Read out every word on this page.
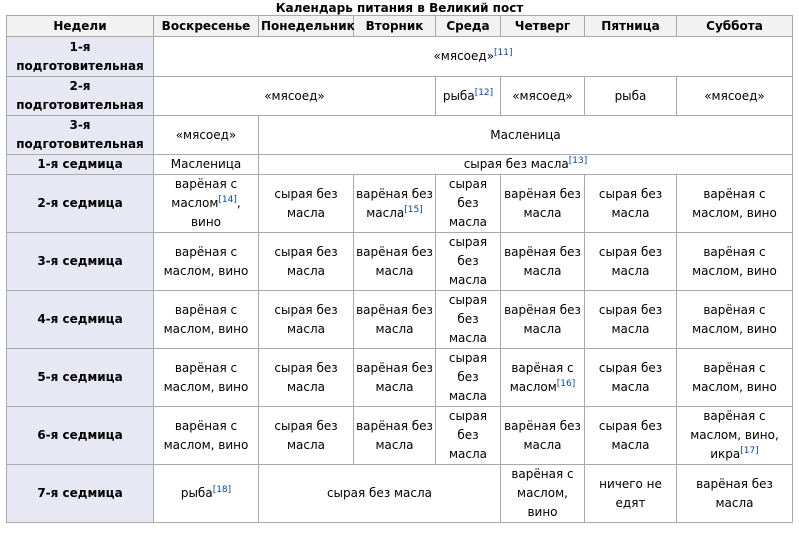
Календарь питания в Великий пост
Недели	Воскресенье	Понедельник	Вторник	Среда	Четверг	Пятница	Суббота
1-я подготовительная	«мясоед»[11]
2-я подготовительная	«мясоед»			рыба[12]	«мясоед»	рыба	«мясоед»
3-я подготовительная	«мясоед»	Масленица					
1-я седмица	Масленица	сырая без масла[13]
2-я седмица	варёная с маслом[14], вино	сырая без масла	варёная без масла[15]	сырая без масла	варёная без масла	сырая без масла	варёная с маслом, вино
3-я седмица	варёная с маслом, вино	сырая без масла	варёная без масла	сырая без масла	варёная без масла	сырая без масла	варёная с маслом, вино
4-я седмица	варёная с маслом, вино	сырая без масла	варёная без масла	сырая без масла	варёная без масла	сырая без масла	варёная с маслом, вино
5-я седмица	варёная с маслом, вино	сырая без масла	варёная без масла	сырая без масла	варёная с маслом[16]	сырая без масла	варёная с маслом, вино
6-я седмица	варёная с маслом, вино	сырая без масла	варёная без масла	сырая без масла	варёная без масла	сырая без масла	варёная с маслом, вино, икра[17]
7-я седмица	рыба[18]	сырая без масла			варёная с маслом, вино	ничего не едят	варёная без масла
